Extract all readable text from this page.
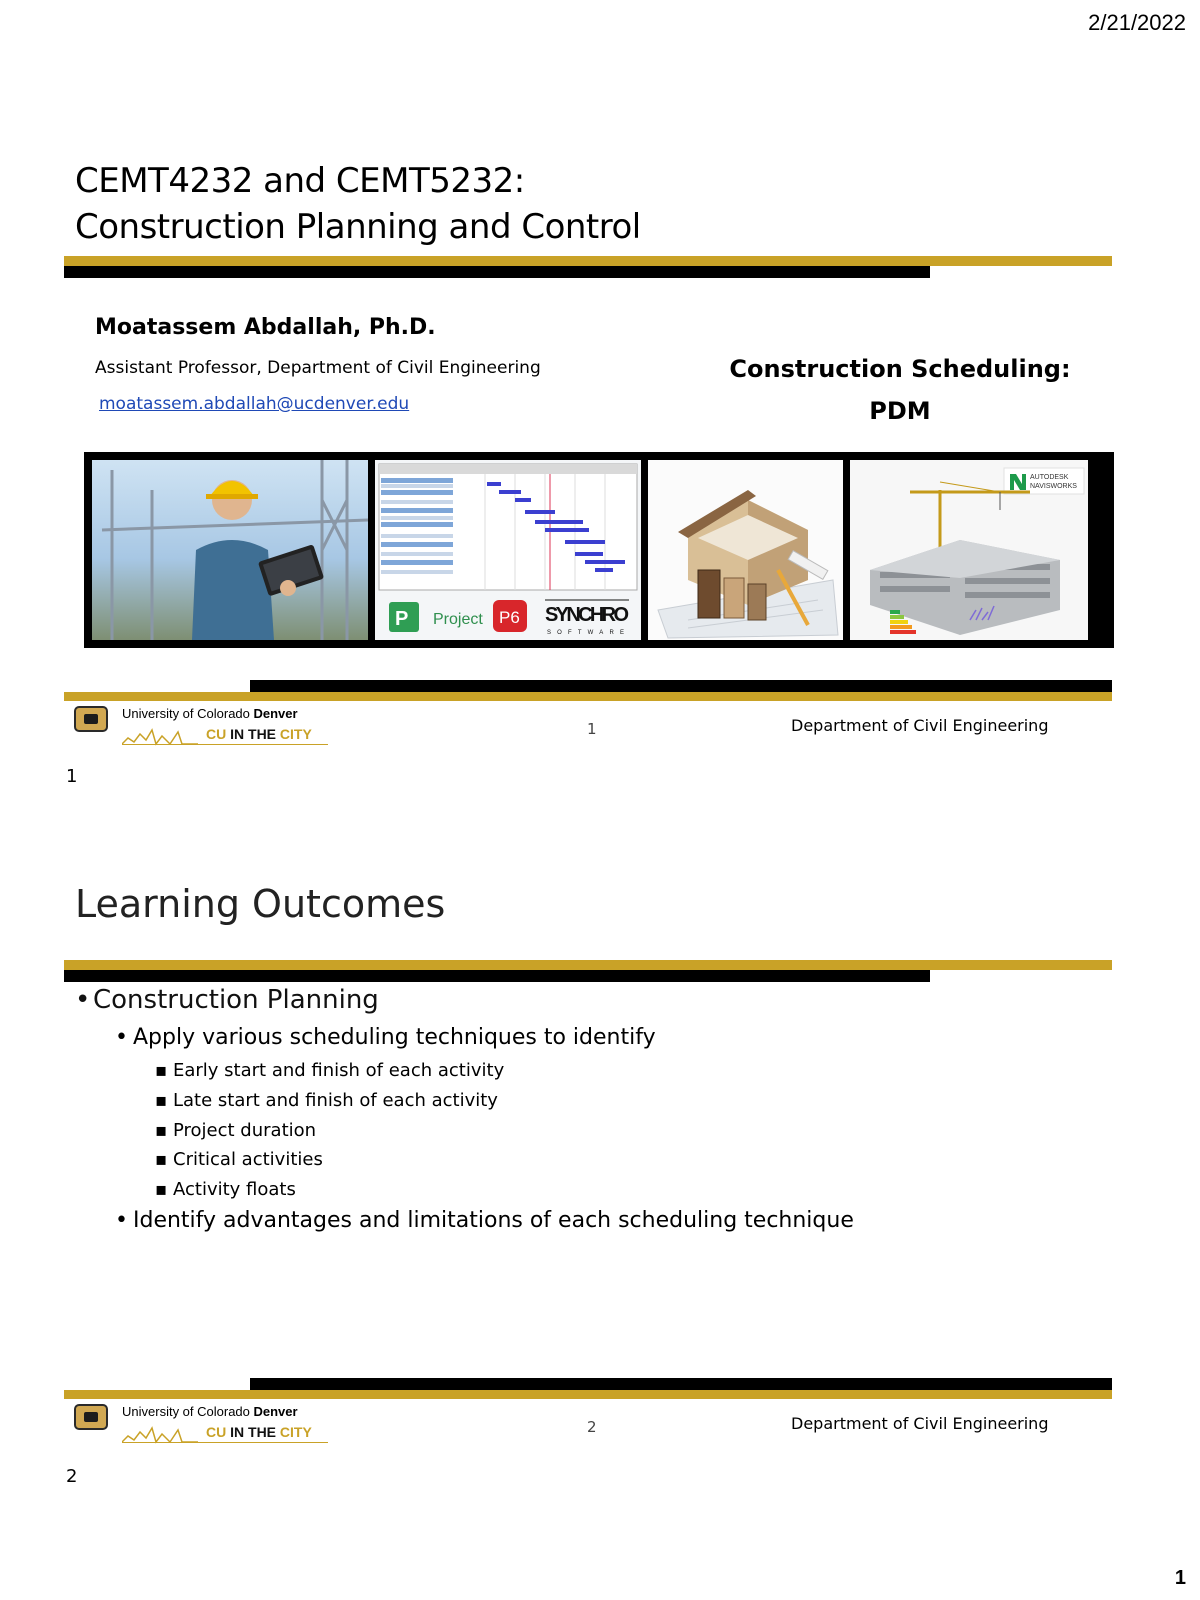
2/21/2022
CEMT4232 and CEMT5232:
Construction Planning and Control
Moatassem Abdallah, Ph.D.
Assistant Professor, Department of Civil Engineering
moatassem.abdallah@ucdenver.edu
Construction Scheduling:
PDM
P Project P6 SYNCHRO
SOFTWARE
AUTODESK
NAVISWORKS
University of Colorado Denver
CU IN THE CITY	1	Department of Civil Engineering
1
Learning Outcomes
• Construction Planning
• Apply various scheduling techniques to identify
▪ Early start and finish of each activity
▪ Late start and finish of each activity
▪ Project duration
▪ Critical activities
▪ Activity floats
• Identify advantages and limitations of each scheduling technique
University of Colorado Denver
CU IN THE CITY	2	Department of Civil Engineering
2
1
